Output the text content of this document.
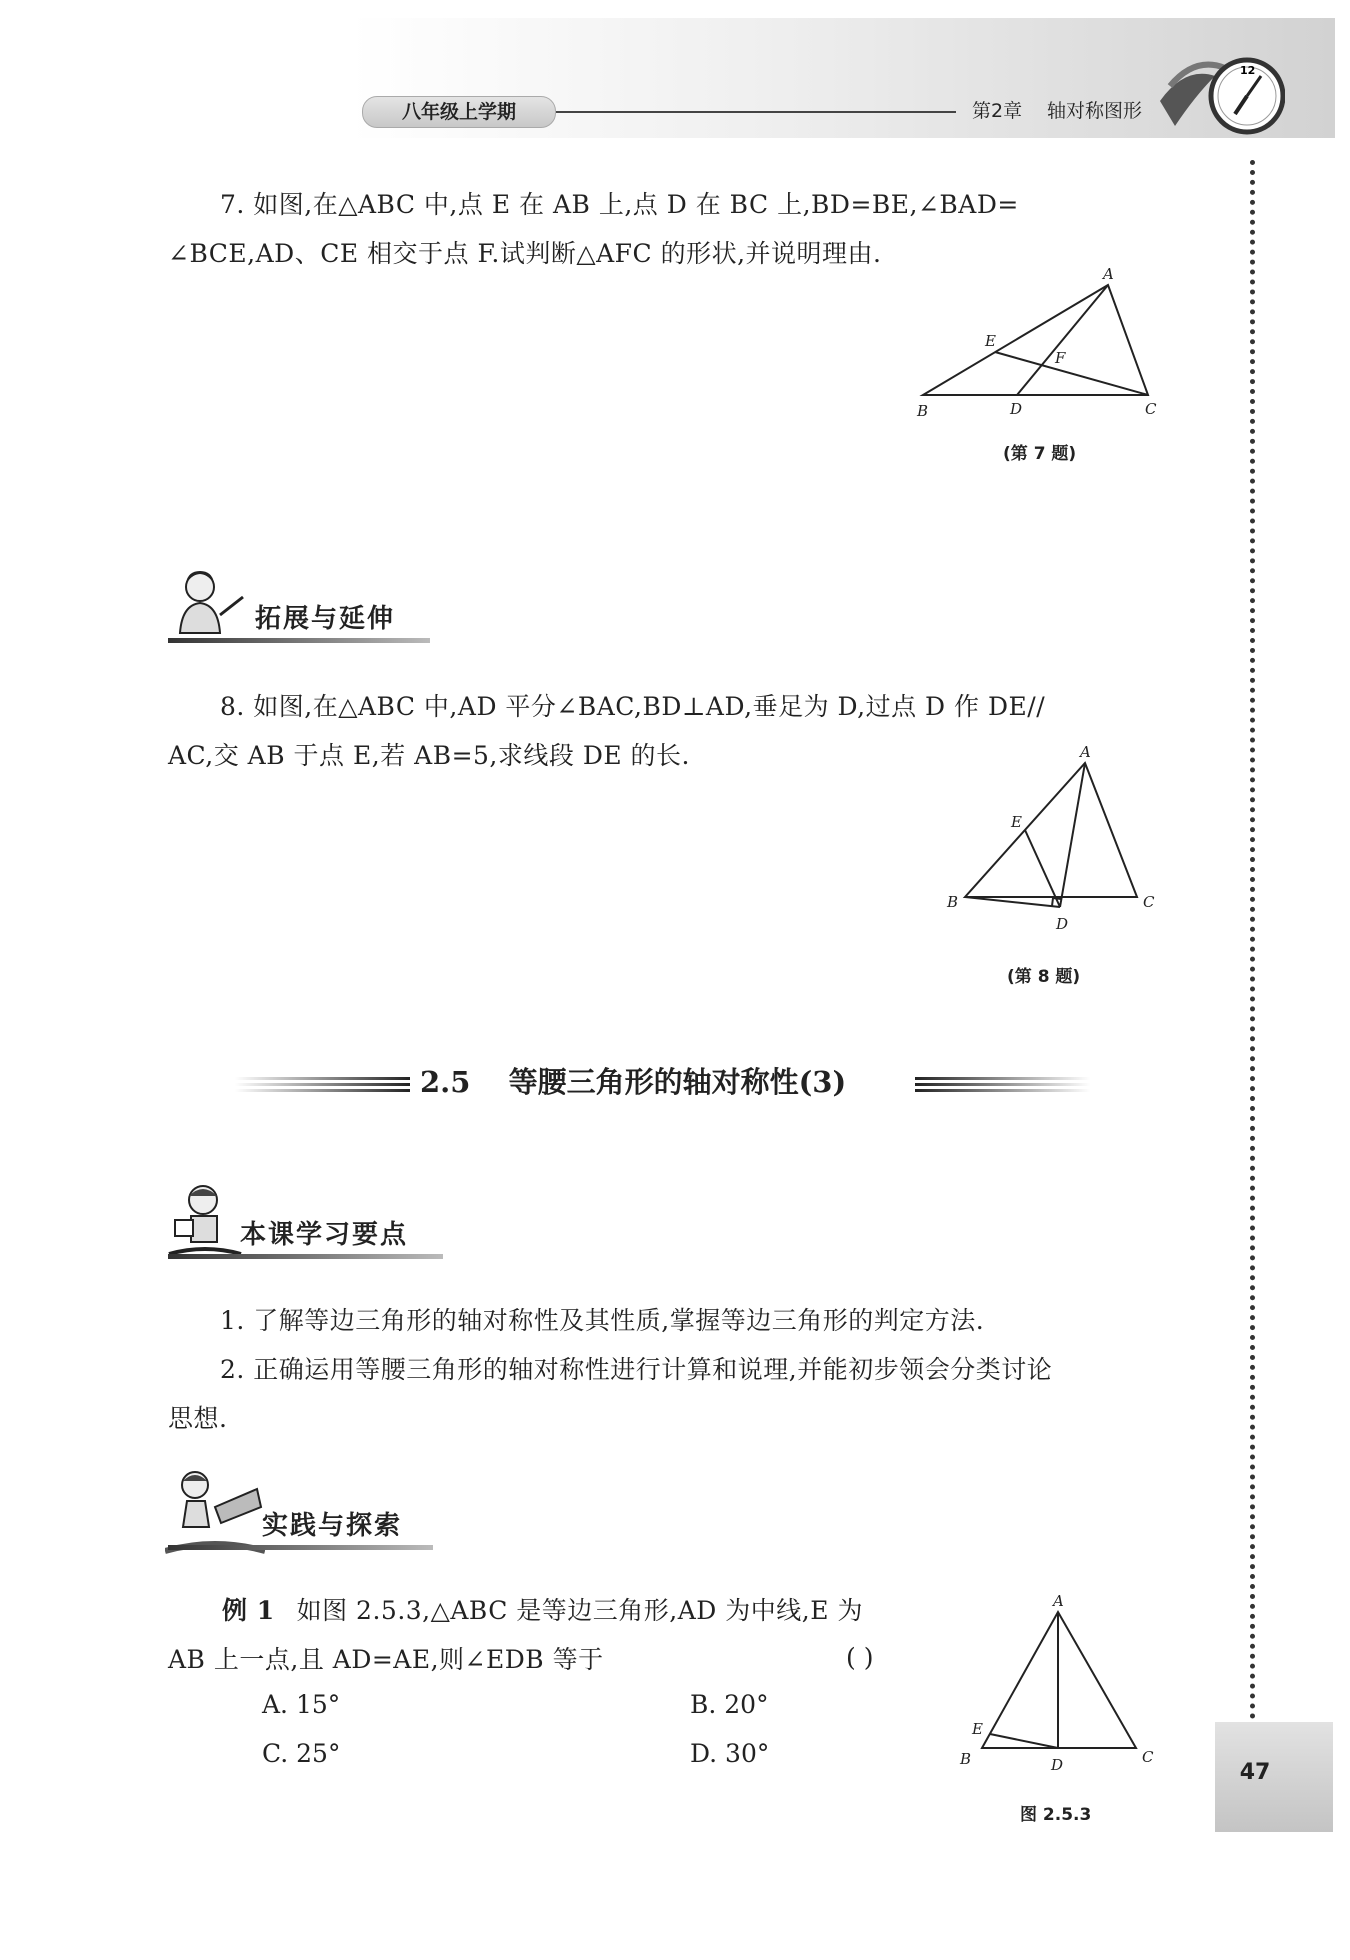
八年级上学期	第2章 轴对称图形
12
47
7. 如图,在△ABC 中,点 E 在 AB 上,点 D 在 BC 上,BD=BE,∠BAD=
∠BCE,AD、CE 相交于点 F.试判断△AFC 的形状,并说明理由.
A
B	C
D
E
F
(第 7 题)
拓展与延伸
8. 如图,在△ABC 中,AD 平分∠BAC,BD⊥AD,垂足为 D,过点 D 作 DE//
AC,交 AB 于点 E,若 AB=5,求线段 DE 的长.	A
B	C
D
E
(第 8 题)
2.5 等腰三角形的轴对称性(3)
本课学习要点
1. 了解等边三角形的轴对称性及其性质,掌握等边三角形的判定方法.
2. 正确运用等腰三角形的轴对称性进行计算和说理,并能初步领会分类讨论
思想.
实践与探索
例 1 如图 2.5.3,△ABC 是等边三角形,AD 为中线,E 为
AB 上一点,且 AD=AE,则∠EDB 等于	( )
A. 15°	B. 20°
C. 25°	D. 30°
A
B	C
D
E
图 2.5.3
